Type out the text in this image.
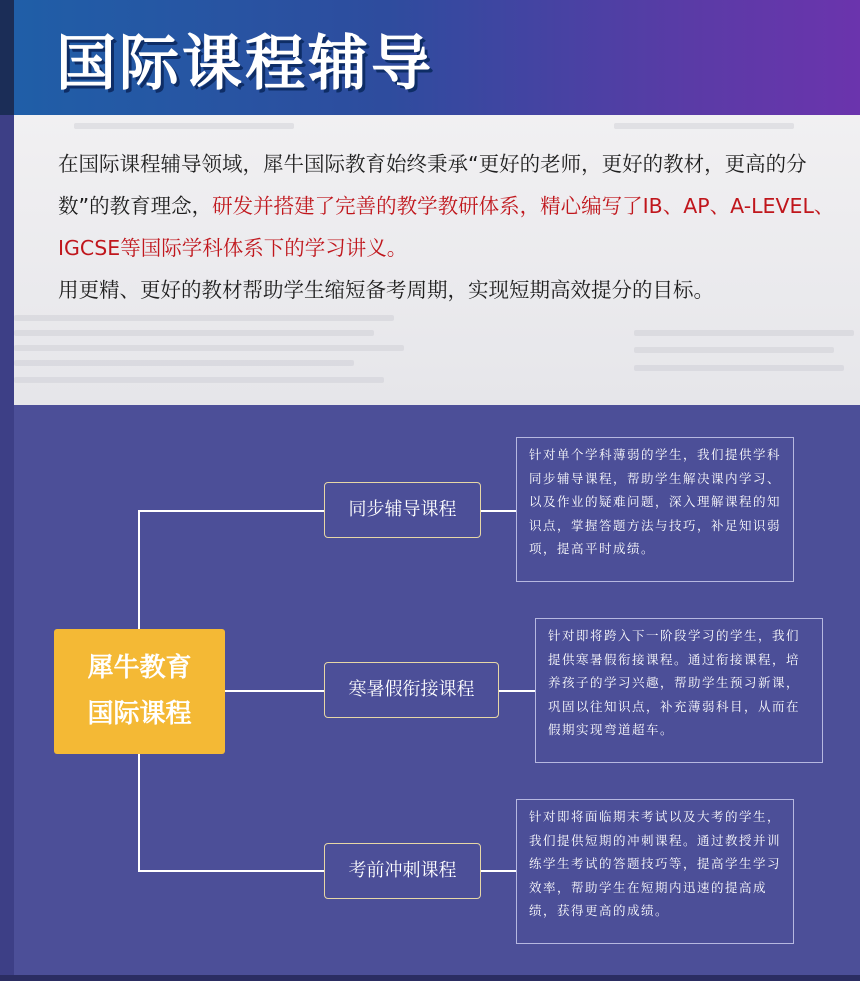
国际课程辅导
在国际课程辅导领域，犀牛国际教育始终秉承“更好的老师，更好的教材，更高的分数”的教育理念，研发并搭建了完善的教学教研体系，精心编写了IB、AP、A-LEVEL、IGCSE等国际学科体系下的学习讲义。
用更精、更好的教材帮助学生缩短备考周期，实现短期高效提分的目标。
犀牛教育
国际课程
同步辅导课程
寒暑假衔接课程
考前冲刺课程
针对单个学科薄弱的学生，我们提供学科同步辅导课程，帮助学生解决课内学习、以及作业的疑难问题，深入理解课程的知识点，掌握答题方法与技巧，补足知识弱项，提高平时成绩。
针对即将跨入下一阶段学习的学生，我们提供寒暑假衔接课程。通过衔接课程，培养孩子的学习兴趣，帮助学生预习新课，巩固以往知识点，补充薄弱科目，从而在假期实现弯道超车。
针对即将面临期末考试以及大考的学生，我们提供短期的冲刺课程。通过教授并训练学生考试的答题技巧等，提高学生学习效率，帮助学生在短期内迅速的提高成绩，获得更高的成绩。
